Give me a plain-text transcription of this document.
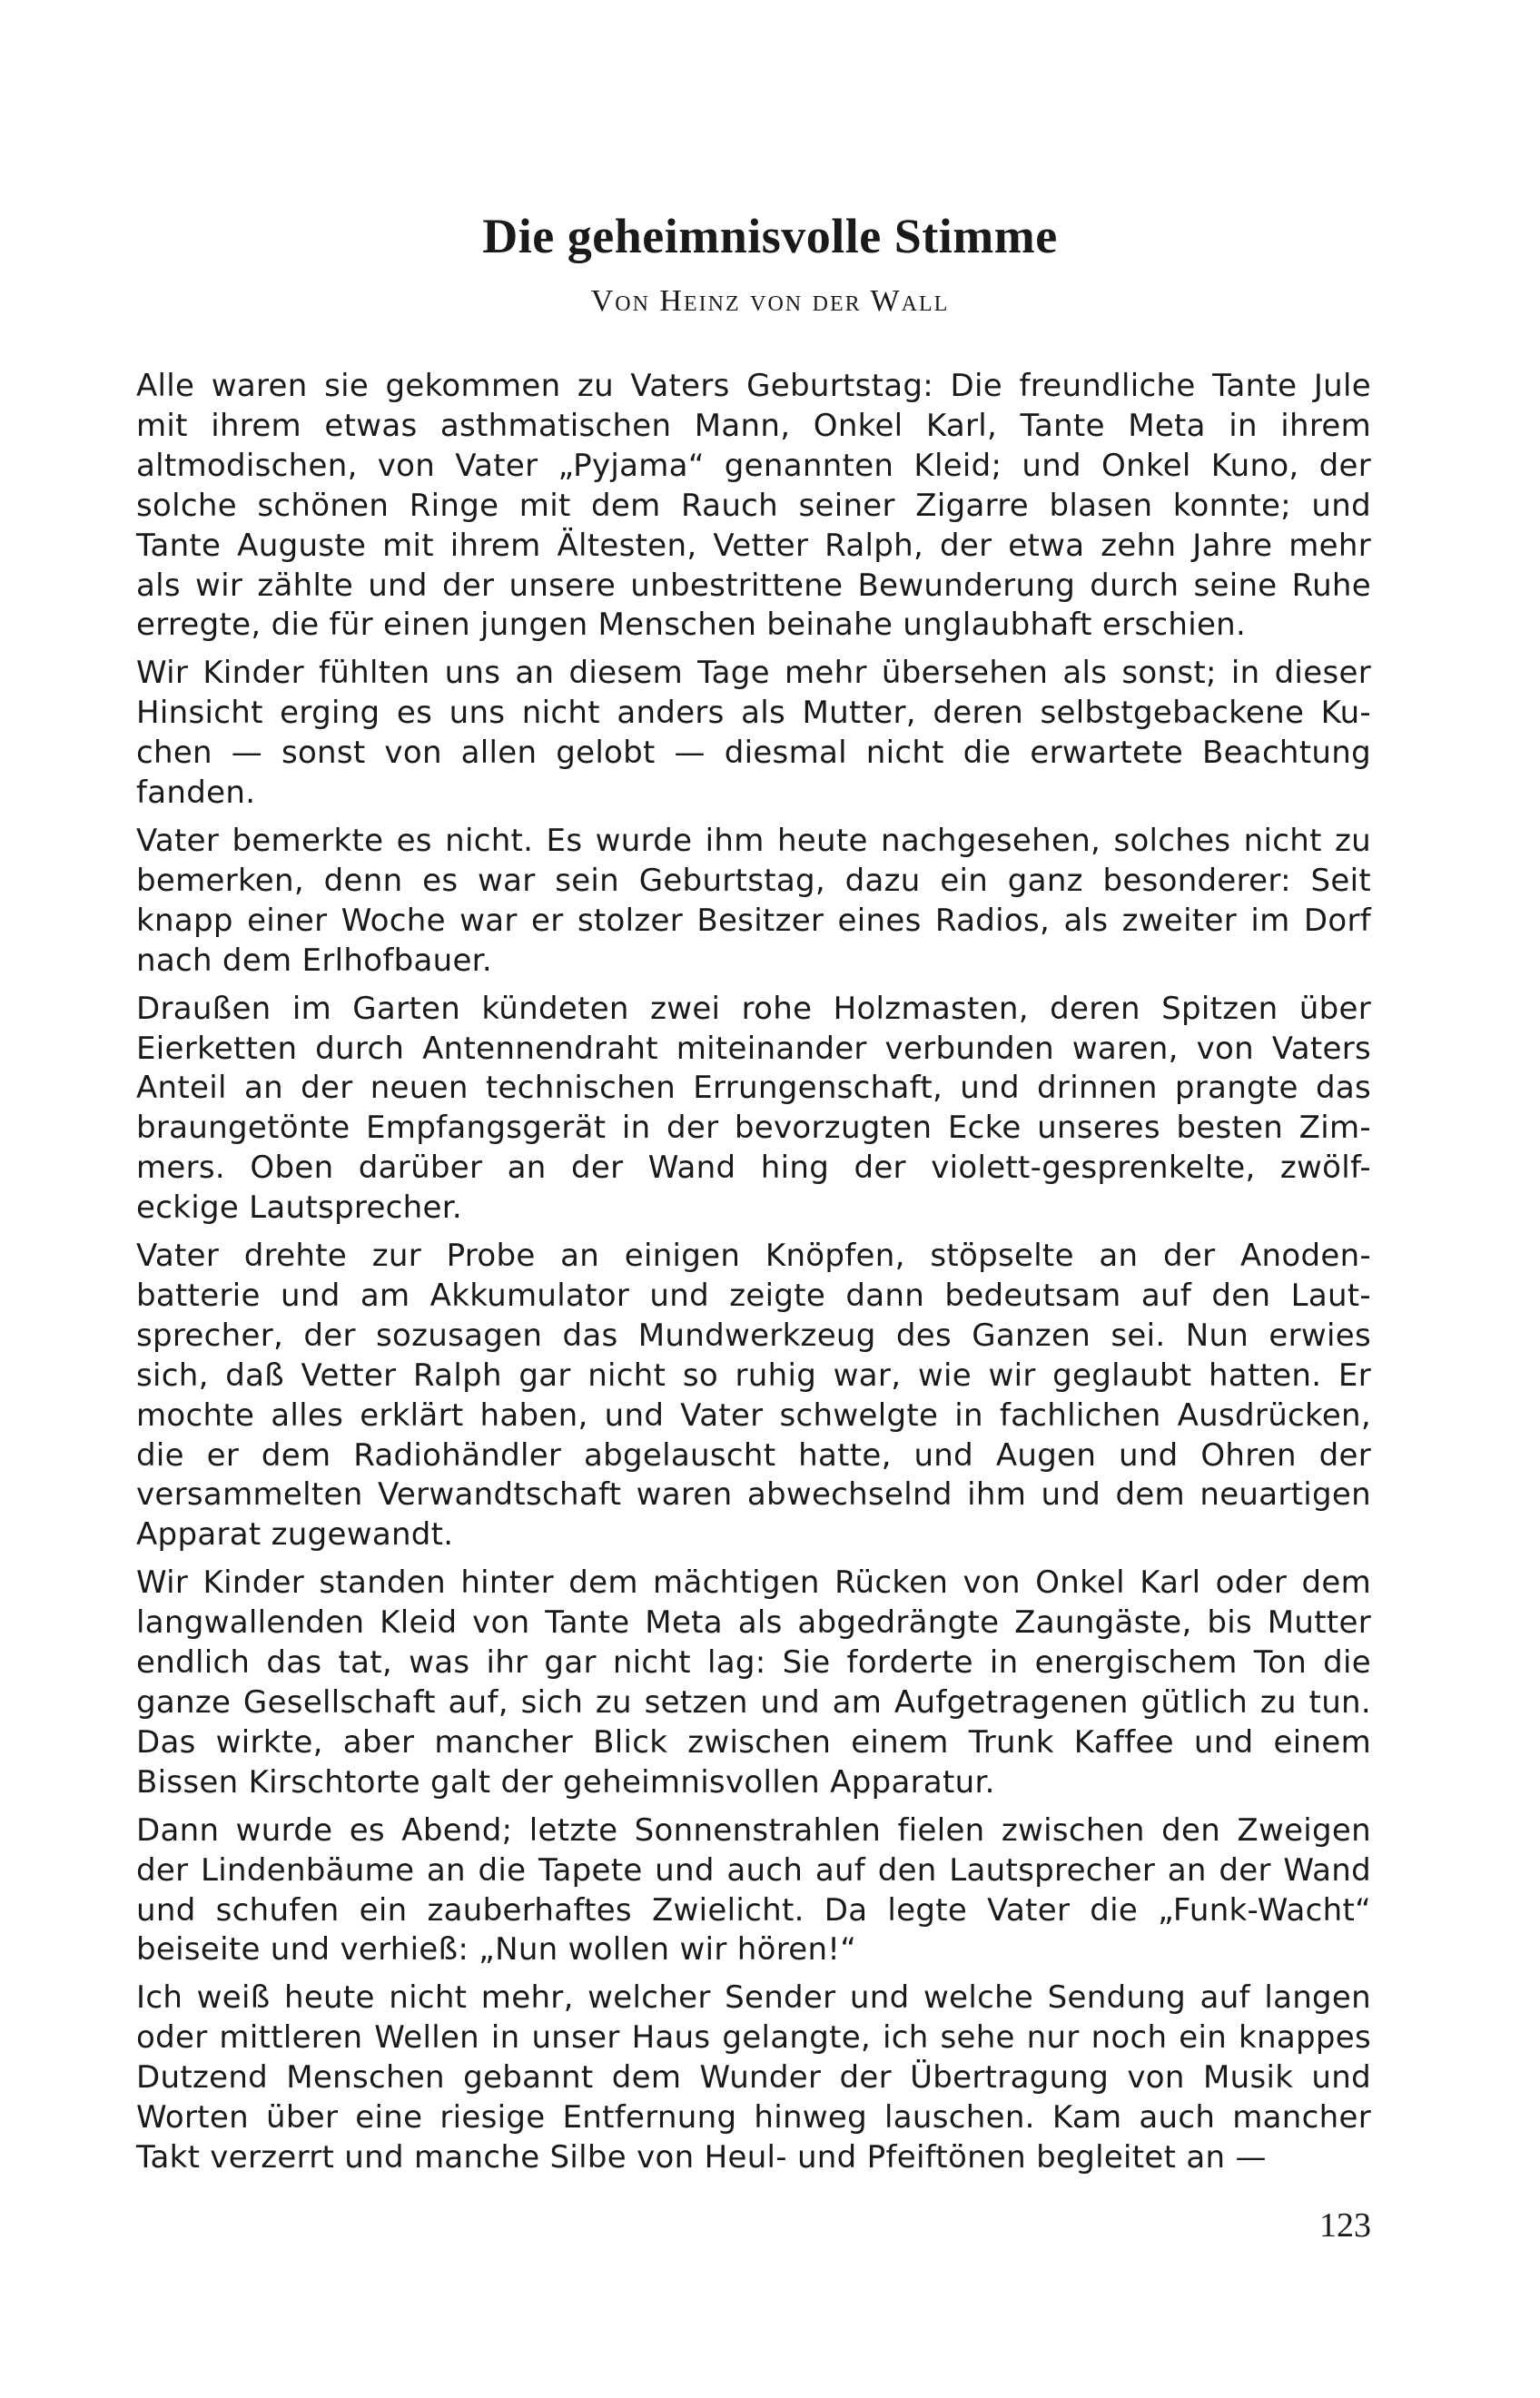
Die geheimnisvolle Stimme
Von Heinz von der Wall
Alle waren sie gekommen zu Vaters Geburtstag: Die freundliche Tante Jule
mit ihrem etwas asthmatischen Mann, Onkel Karl, Tante Meta in ihrem
altmodischen, von Vater „Pyjama“ genannten Kleid; und Onkel Kuno, der
solche schönen Ringe mit dem Rauch seiner Zigarre blasen konnte; und
Tante Auguste mit ihrem Ältesten, Vetter Ralph, der etwa zehn Jahre mehr
als wir zählte und der unsere unbestrittene Bewunderung durch seine Ruhe
erregte, die für einen jungen Menschen beinahe unglaubhaft erschien.
Wir Kinder fühlten uns an diesem Tage mehr übersehen als sonst; in dieser
Hinsicht erging es uns nicht anders als Mutter, deren selbstgebackene Ku-
chen — sonst von allen gelobt — diesmal nicht die erwartete Beachtung
fanden.
Vater bemerkte es nicht. Es wurde ihm heute nachgesehen, solches nicht zu
bemerken, denn es war sein Geburtstag, dazu ein ganz besonderer: Seit
knapp einer Woche war er stolzer Besitzer eines Radios, als zweiter im Dorf
nach dem Erlhofbauer.
Draußen im Garten kündeten zwei rohe Holzmasten, deren Spitzen über
Eierketten durch Antennendraht miteinander verbunden waren, von Vaters
Anteil an der neuen technischen Errungenschaft, und drinnen prangte das
braungetönte Empfangsgerät in der bevorzugten Ecke unseres besten Zim-
mers. Oben darüber an der Wand hing der violett-gesprenkelte, zwölf-
eckige Lautsprecher.
Vater drehte zur Probe an einigen Knöpfen, stöpselte an der Anoden-
batterie und am Akkumulator und zeigte dann bedeutsam auf den Laut-
sprecher, der sozusagen das Mundwerkzeug des Ganzen sei. Nun erwies
sich, daß Vetter Ralph gar nicht so ruhig war, wie wir geglaubt hatten. Er
mochte alles erklärt haben, und Vater schwelgte in fachlichen Ausdrücken,
die er dem Radiohändler abgelauscht hatte, und Augen und Ohren der
versammelten Verwandtschaft waren abwechselnd ihm und dem neuartigen
Apparat zugewandt.
Wir Kinder standen hinter dem mächtigen Rücken von Onkel Karl oder dem
langwallenden Kleid von Tante Meta als abgedrängte Zaungäste, bis Mutter
endlich das tat, was ihr gar nicht lag: Sie forderte in energischem Ton die
ganze Gesellschaft auf, sich zu setzen und am Aufgetragenen gütlich zu tun.
Das wirkte, aber mancher Blick zwischen einem Trunk Kaffee und einem
Bissen Kirschtorte galt der geheimnisvollen Apparatur.
Dann wurde es Abend; letzte Sonnenstrahlen fielen zwischen den Zweigen
der Lindenbäume an die Tapete und auch auf den Lautsprecher an der Wand
und schufen ein zauberhaftes Zwielicht. Da legte Vater die „Funk-Wacht“
beiseite und verhieß: „Nun wollen wir hören!“
Ich weiß heute nicht mehr, welcher Sender und welche Sendung auf langen
oder mittleren Wellen in unser Haus gelangte, ich sehe nur noch ein knappes
Dutzend Menschen gebannt dem Wunder der Übertragung von Musik und
Worten über eine riesige Entfernung hinweg lauschen. Kam auch mancher
Takt verzerrt und manche Silbe von Heul- und Pfeiftönen begleitet an —
123
